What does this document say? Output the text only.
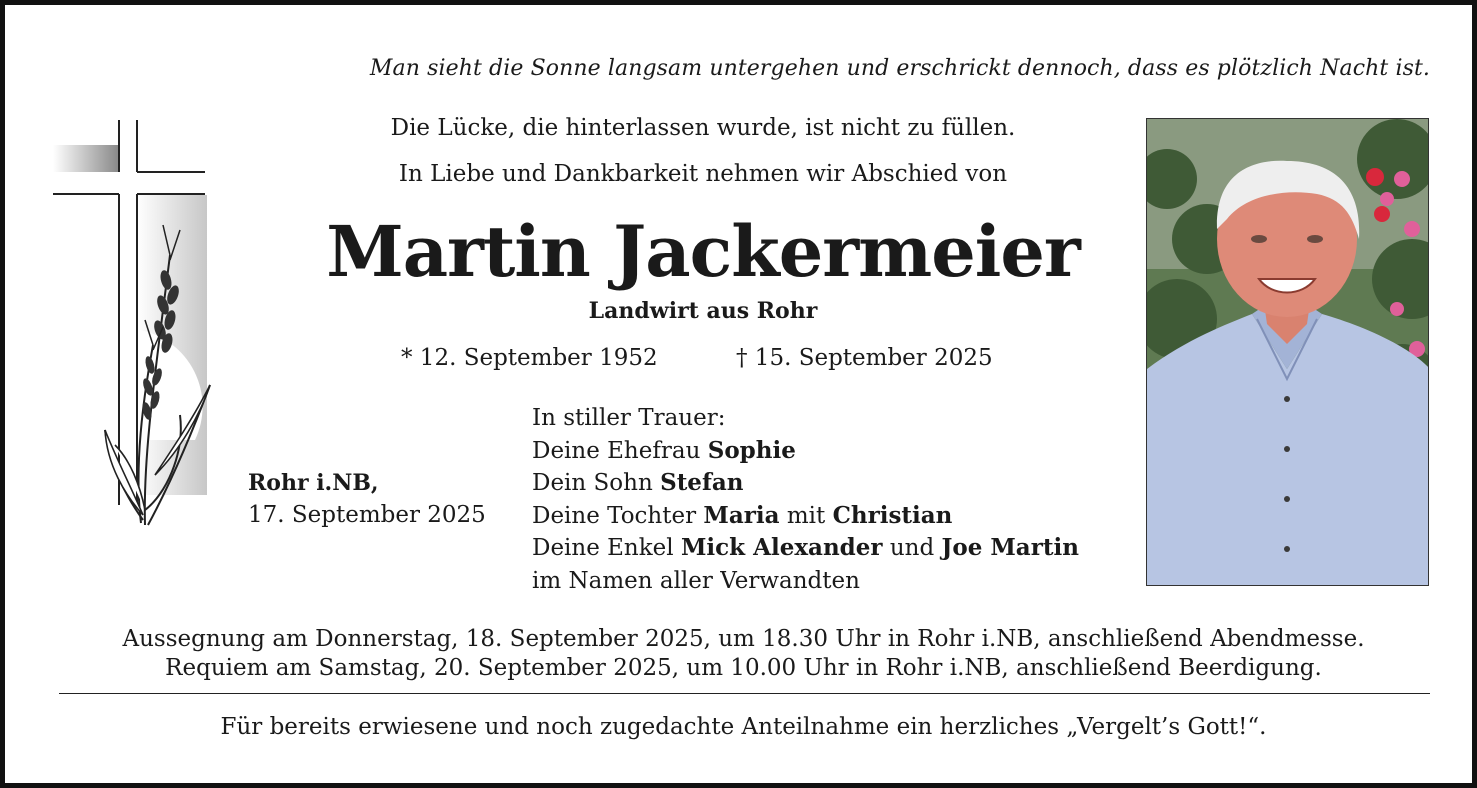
Man sieht die Sonne langsam untergehen und erschrickt dennoch, dass es plötzlich Nacht ist.
Die Lücke, die hinterlassen wurde, ist nicht zu füllen.
In Liebe und Dankbarkeit nehmen wir Abschied von
Martin Jackermeier
Landwirt aus Rohr
* 12. September 1952	† 15. September 2025
Rohr i.NB,
17. September 2025
In stiller Trauer:
Deine Ehefrau Sophie
Dein Sohn Stefan
Deine Tochter Maria mit Christian
Deine Enkel Mick Alexander und Joe Martin
im Namen aller Verwandten
Aussegnung am Donnerstag, 18. September 2025, um 18.30 Uhr in Rohr i.NB, anschließend Abendmesse.
Requiem am Samstag, 20. September 2025, um 10.00 Uhr in Rohr i.NB, anschließend Beerdigung.
Für bereits erwiesene und noch zugedachte Anteilnahme ein herzliches „Vergelt’s Gott!“.
